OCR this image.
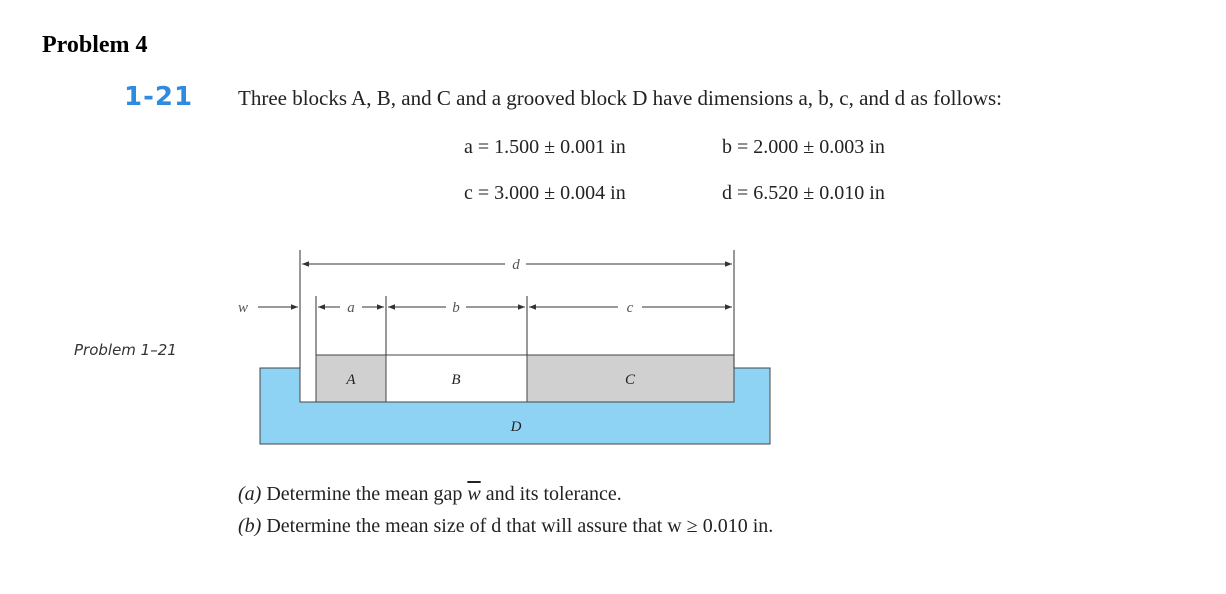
Problem 4
1-21 Three blocks A, B, and C and a grooved block D have dimensions a, b, c, and d as follows:
a = 1.500 ± 0.001 in	b = 2.000 ± 0.003 in
c = 3.000 ± 0.004 in	d = 6.520 ± 0.010 in
Problem 1–21
d
w	a	b	c
A	B	C
D
(a) Determine the mean gap $\overline{w}$ and its tolerance.
(b) Determine the mean size of d that will assure that w ≥ 0.010 in.
